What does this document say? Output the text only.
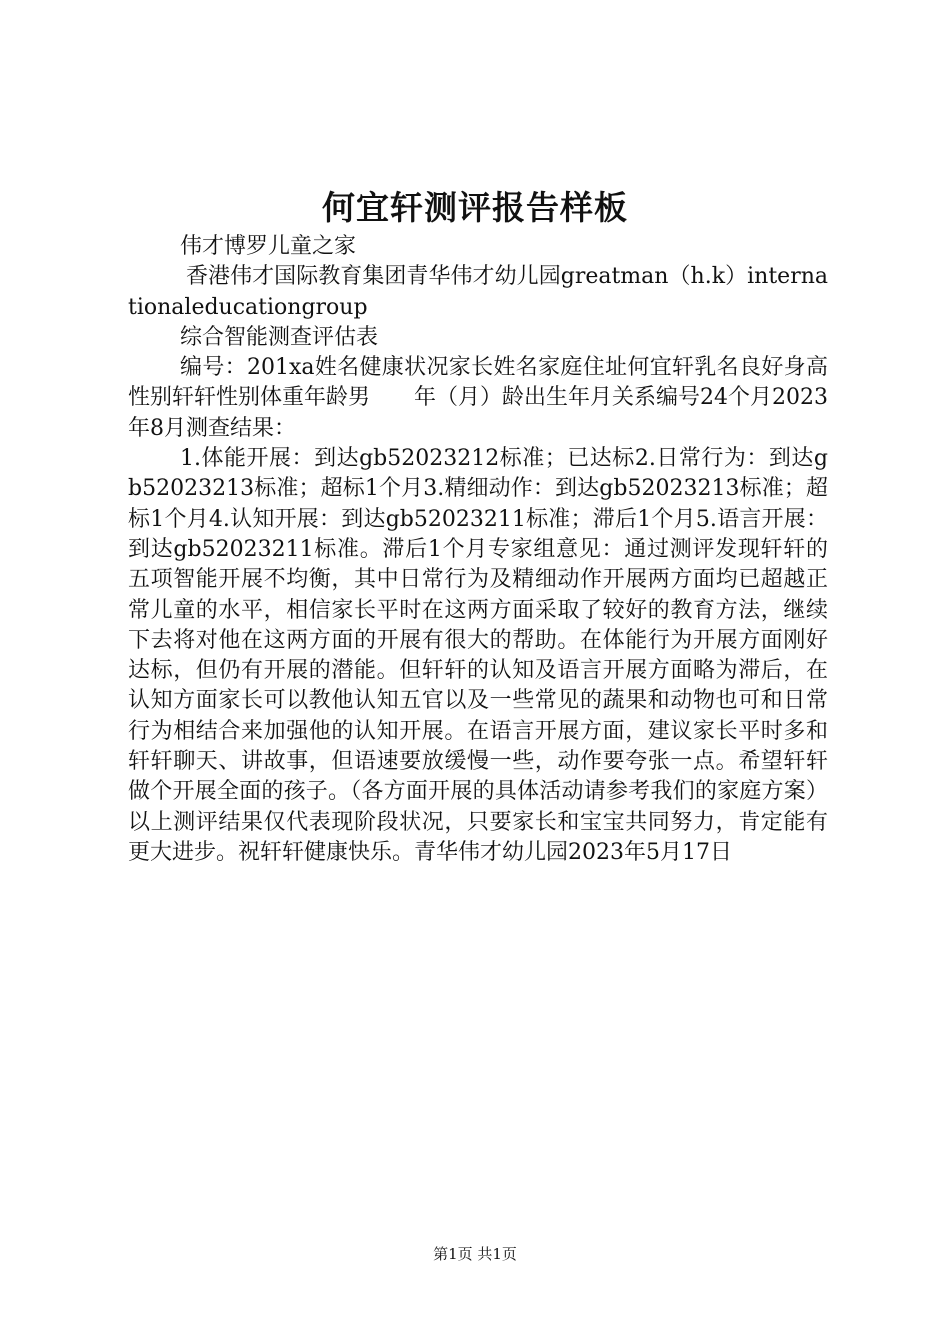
何宜轩测评报告样板

伟才博罗儿童之家

香港伟才国际教育集团青华伟才幼儿园greatman（h.k）internationaleducationgroup

综合智能测查评估表

编号：201xa姓名健康状况家长姓名家庭住址何宜轩乳名良好身高性别轩轩性别体重年龄男　　年（月）龄出生年月关系编号24个月2023年8月测查结果：

1.体能开展：到达gb52023212标准；已达标2.日常行为：到达gb52023213标准；超标1个月3.精细动作：到达gb52023213标准；超标1个月4.认知开展：到达gb52023211标准；滞后1个月5.语言开展：到达gb52023211标准。滞后1个月专家组意见：通过测评发现轩轩的五项智能开展不均衡，其中日常行为及精细动作开展两方面均已超越正常儿童的水平，相信家长平时在这两方面采取了较好的教育方法，继续下去将对他在这两方面的开展有很大的帮助。在体能行为开展方面刚好达标，但仍有开展的潜能。但轩轩的认知及语言开展方面略为滞后，在认知方面家长可以教他认知五官以及一些常见的蔬果和动物也可和日常行为相结合来加强他的认知开展。在语言开展方面，建议家长平时多和轩轩聊天、讲故事，但语速要放缓慢一些，动作要夸张一点。希望轩轩做个开展全面的孩子。（各方面开展的具体活动请参考我们的家庭方案）以上测评结果仅代表现阶段状况，只要家长和宝宝共同努力，肯定能有更大进步。祝轩轩健康快乐。青华伟才幼儿园2023年5月17日

第1页 共1页
